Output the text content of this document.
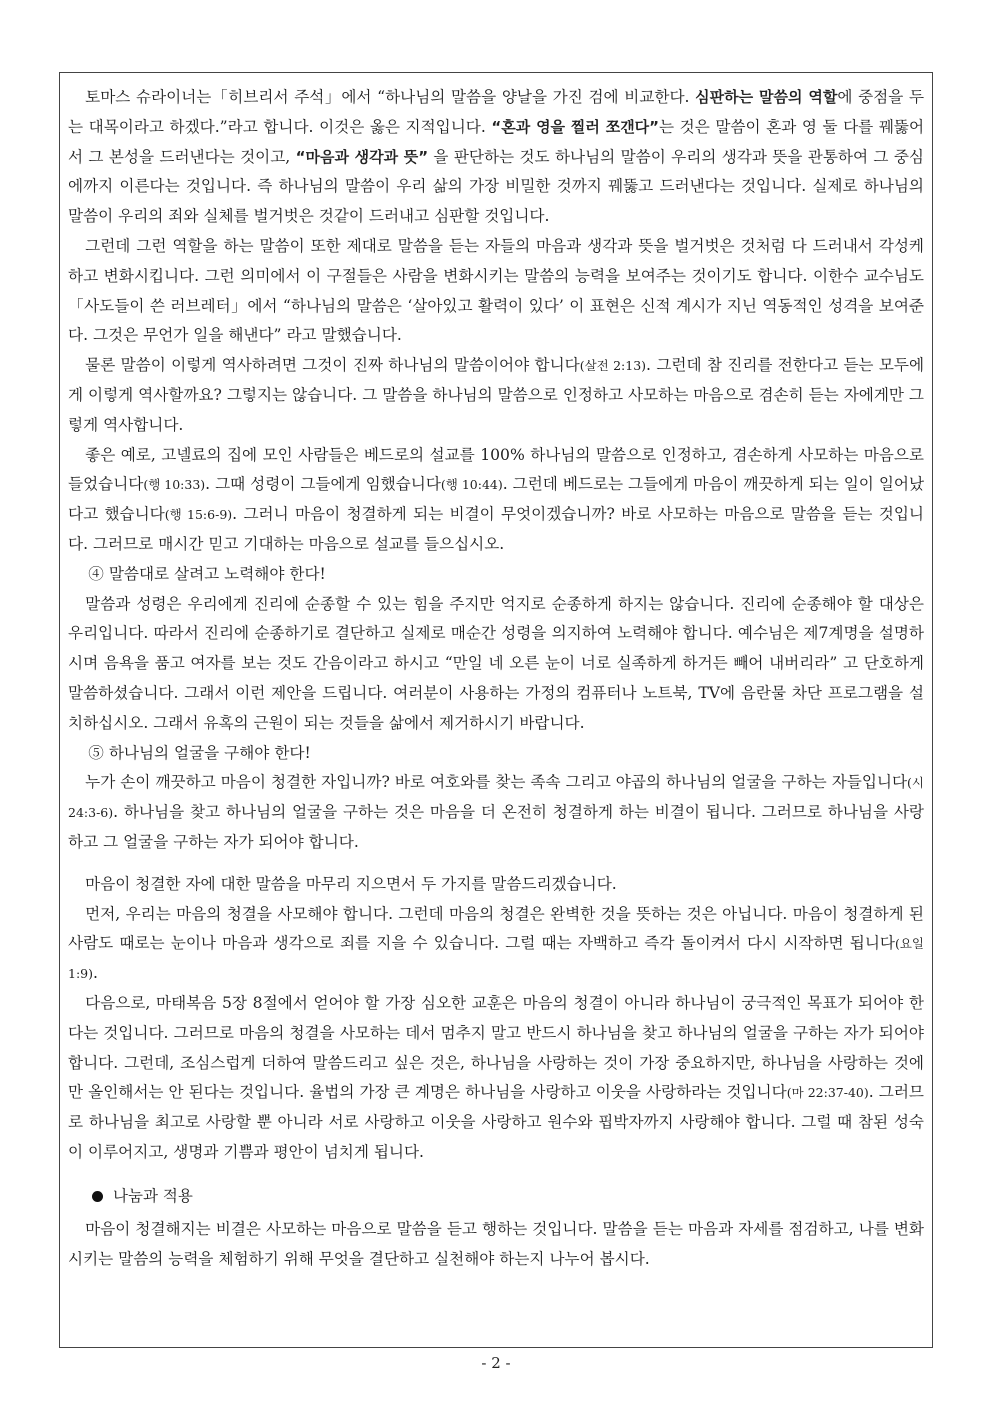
토마스 슈라이너는「히브리서 주석」에서 “하나님의 말씀을 양날을 가진 검에 비교한다. 심판하는 말씀의 역할에 중점을 두는 대목이라고 하겠다.”라고 합니다. 이것은 옳은 지적입니다. “혼과 영을 찔러 쪼갠다”는 것은 말씀이 혼과 영 둘 다를 꿰뚫어서 그 본성을 드러낸다는 것이고, “마음과 생각과 뜻” 을 판단하는 것도 하나님의 말씀이 우리의 생각과 뜻을 관통하여 그 중심에까지 이른다는 것입니다. 즉 하나님의 말씀이 우리 삶의 가장 비밀한 것까지 꿰뚫고 드러낸다는 것입니다. 실제로 하나님의 말씀이 우리의 죄와 실체를 벌거벗은 것같이 드러내고 심판할 것입니다.

그런데 그런 역할을 하는 말씀이 또한 제대로 말씀을 듣는 자들의 마음과 생각과 뜻을 벌거벗은 것처럼 다 드러내서 각성케 하고 변화시킵니다. 그런 의미에서 이 구절들은 사람을 변화시키는 말씀의 능력을 보여주는 것이기도 합니다. 이한수 교수님도「사도들이 쓴 러브레터」에서 “하나님의 말씀은 ‘살아있고 활력이 있다’ 이 표현은 신적 계시가 지닌 역동적인 성격을 보여준다. 그것은 무언가 일을 해낸다” 라고 말했습니다.

물론 말씀이 이렇게 역사하려면 그것이 진짜 하나님의 말씀이어야 합니다(살전 2:13). 그런데 참 진리를 전한다고 듣는 모두에게 이렇게 역사할까요? 그렇지는 않습니다. 그 말씀을 하나님의 말씀으로 인정하고 사모하는 마음으로 겸손히 듣는 자에게만 그렇게 역사합니다.

좋은 예로, 고넬료의 집에 모인 사람들은 베드로의 설교를 100% 하나님의 말씀으로 인정하고, 겸손하게 사모하는 마음으로 들었습니다(행 10:33). 그때 성령이 그들에게 임했습니다(행 10:44). 그런데 베드로는 그들에게 마음이 깨끗하게 되는 일이 일어났다고 했습니다(행 15:6-9). 그러니 마음이 청결하게 되는 비결이 무엇이겠습니까? 바로 사모하는 마음으로 말씀을 듣는 것입니다. 그러므로 매시간 믿고 기대하는 마음으로 설교를 들으십시오.

④ 말씀대로 살려고 노력해야 한다!

말씀과 성령은 우리에게 진리에 순종할 수 있는 힘을 주지만 억지로 순종하게 하지는 않습니다. 진리에 순종해야 할 대상은 우리입니다. 따라서 진리에 순종하기로 결단하고 실제로 매순간 성령을 의지하여 노력해야 합니다. 예수님은 제7계명을 설명하시며 음욕을 품고 여자를 보는 것도 간음이라고 하시고 “만일 네 오른 눈이 너로 실족하게 하거든 빼어 내버리라” 고 단호하게 말씀하셨습니다. 그래서 이런 제안을 드립니다. 여러분이 사용하는 가정의 컴퓨터나 노트북, TV에 음란물 차단 프로그램을 설치하십시오. 그래서 유혹의 근원이 되는 것들을 삶에서 제거하시기 바랍니다.

⑤ 하나님의 얼굴을 구해야 한다!

누가 손이 깨끗하고 마음이 청결한 자입니까? 바로 여호와를 찾는 족속 그리고 야곱의 하나님의 얼굴을 구하는 자들입니다(시 24:3-6). 하나님을 찾고 하나님의 얼굴을 구하는 것은 마음을 더 온전히 청결하게 하는 비결이 됩니다. 그러므로 하나님을 사랑하고 그 얼굴을 구하는 자가 되어야 합니다.

마음이 청결한 자에 대한 말씀을 마무리 지으면서 두 가지를 말씀드리겠습니다.

먼저, 우리는 마음의 청결을 사모해야 합니다. 그런데 마음의 청결은 완벽한 것을 뜻하는 것은 아닙니다. 마음이 청결하게 된 사람도 때로는 눈이나 마음과 생각으로 죄를 지을 수 있습니다. 그럴 때는 자백하고 즉각 돌이켜서 다시 시작하면 됩니다(요일 1:9).

다음으로, 마태복음 5장 8절에서 얻어야 할 가장 심오한 교훈은 마음의 청결이 아니라 하나님이 궁극적인 목표가 되어야 한다는 것입니다. 그러므로 마음의 청결을 사모하는 데서 멈추지 말고 반드시 하나님을 찾고 하나님의 얼굴을 구하는 자가 되어야 합니다. 그런데, 조심스럽게 더하여 말씀드리고 싶은 것은, 하나님을 사랑하는 것이 가장 중요하지만, 하나님을 사랑하는 것에만 올인해서는 안 된다는 것입니다. 율법의 가장 큰 계명은 하나님을 사랑하고 이웃을 사랑하라는 것입니다(마 22:37-40). 그러므로 하나님을 최고로 사랑할 뿐 아니라 서로 사랑하고 이웃을 사랑하고 원수와 핍박자까지 사랑해야 합니다. 그럴 때 참된 성숙이 이루어지고, 생명과 기쁨과 평안이 넘치게 됩니다.

나눔과 적용

마음이 청결해지는 비결은 사모하는 마음으로 말씀을 듣고 행하는 것입니다. 말씀을 듣는 마음과 자세를 점검하고, 나를 변화시키는 말씀의 능력을 체험하기 위해 무엇을 결단하고 실천해야 하는지 나누어 봅시다.

- 2 -
